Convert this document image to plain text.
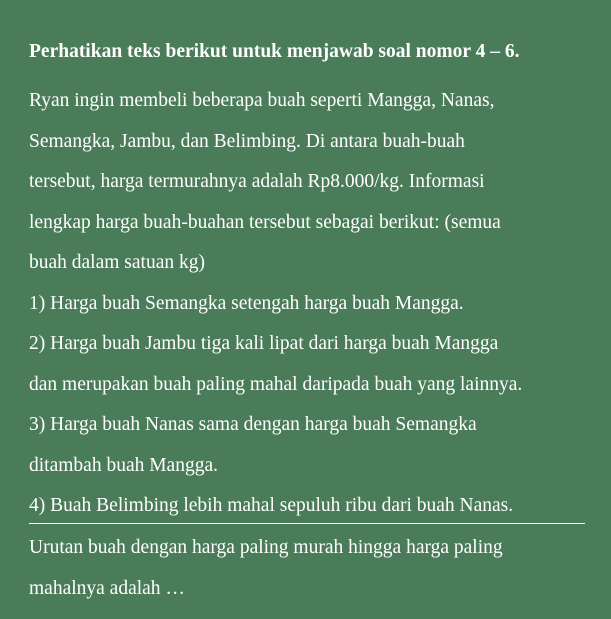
Perhatikan teks berikut untuk menjawab soal nomor 4 – 6.
Ryan ingin membeli beberapa buah seperti Mangga, Nanas,
Semangka, Jambu, dan Belimbing. Di antara buah-buah
tersebut, harga termurahnya adalah Rp8.000/kg. Informasi
lengkap harga buah-buahan tersebut sebagai berikut: (semua
buah dalam satuan kg)
1) Harga buah Semangka setengah harga buah Mangga.
2) Harga buah Jambu tiga kali lipat dari harga buah Mangga
dan merupakan buah paling mahal daripada buah yang lainnya.
3) Harga buah Nanas sama dengan harga buah Semangka
ditambah buah Mangga.
4) Buah Belimbing lebih mahal sepuluh ribu dari buah Nanas.
Urutan buah dengan harga paling murah hingga harga paling
mahalnya adalah …
